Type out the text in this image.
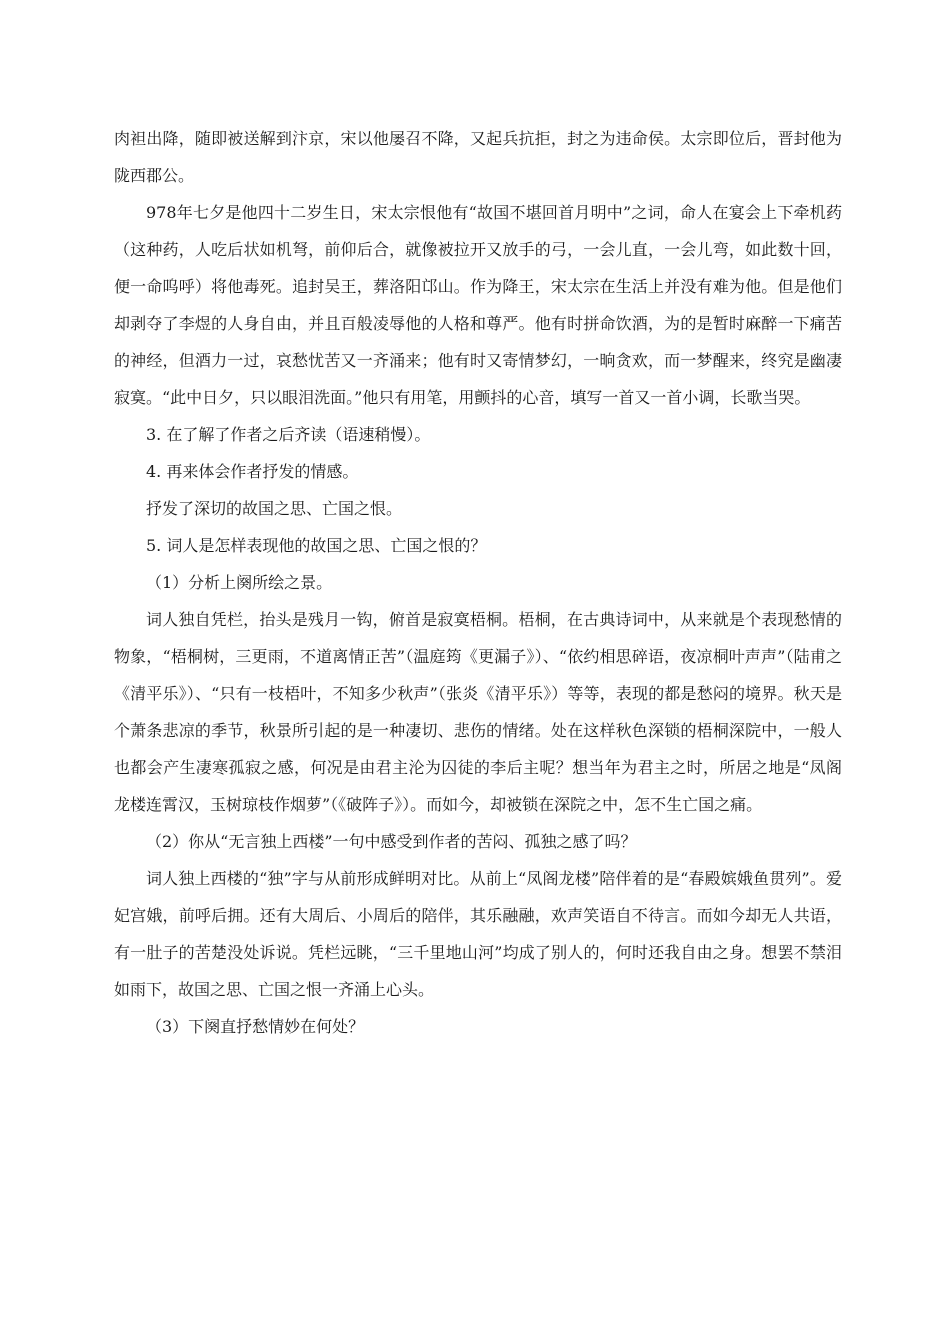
肉袒出降，随即被送解到汴京，宋以他屡召不降，又起兵抗拒，封之为违命侯。太宗即位后，晋封他为陇西郡公。

978年七夕是他四十二岁生日，宋太宗恨他有“故国不堪回首月明中”之词，命人在宴会上下牵机药（这种药，人吃后状如机弩，前仰后合，就像被拉开又放手的弓，一会儿直，一会儿弯，如此数十回，便一命呜呼）将他毒死。追封吴王，葬洛阳邙山。作为降王，宋太宗在生活上并没有难为他。但是他们却剥夺了李煜的人身自由，并且百般凌辱他的人格和尊严。他有时拼命饮酒，为的是暂时麻醉一下痛苦的神经，但酒力一过，哀愁忧苦又一齐涌来；他有时又寄情梦幻，一晌贪欢，而一梦醒来，终究是幽凄寂寞。“此中日夕，只以眼泪洗面。”他只有用笔，用颤抖的心音，填写一首又一首小调，长歌当哭。

3. 在了解了作者之后齐读（语速稍慢）。

4. 再来体会作者抒发的情感。

抒发了深切的故国之思、亡国之恨。

5. 词人是怎样表现他的故国之思、亡国之恨的？

（1）分析上阕所绘之景。

词人独自凭栏，抬头是残月一钩，俯首是寂寞梧桐。梧桐，在古典诗词中，从来就是个表现愁情的物象，“梧桐树，三更雨，不道离情正苦”（温庭筠《更漏子》）、“依约相思碎语，夜凉桐叶声声”（陆甫之《清平乐》）、“只有一枝梧叶，不知多少秋声”（张炎《清平乐》）等等，表现的都是愁闷的境界。秋天是个萧条悲凉的季节，秋景所引起的是一种凄切、悲伤的情绪。处在这样秋色深锁的梧桐深院中，一般人也都会产生凄寒孤寂之感，何况是由君主沦为囚徒的李后主呢？想当年为君主之时，所居之地是“凤阁龙楼连霄汉，玉树琼枝作烟萝”（《破阵子》）。而如今，却被锁在深院之中，怎不生亡国之痛。

（2）你从“无言独上西楼”一句中感受到作者的苦闷、孤独之感了吗？

词人独上西楼的“独”字与从前形成鲜明对比。从前上“凤阁龙楼”陪伴着的是“春殿嫔娥鱼贯列”。爱妃宫娥，前呼后拥。还有大周后、小周后的陪伴，其乐融融，欢声笑语自不待言。而如今却无人共语，有一肚子的苦楚没处诉说。凭栏远眺，“三千里地山河”均成了别人的，何时还我自由之身。想罢不禁泪如雨下，故国之思、亡国之恨一齐涌上心头。

（3）下阕直抒愁情妙在何处？
